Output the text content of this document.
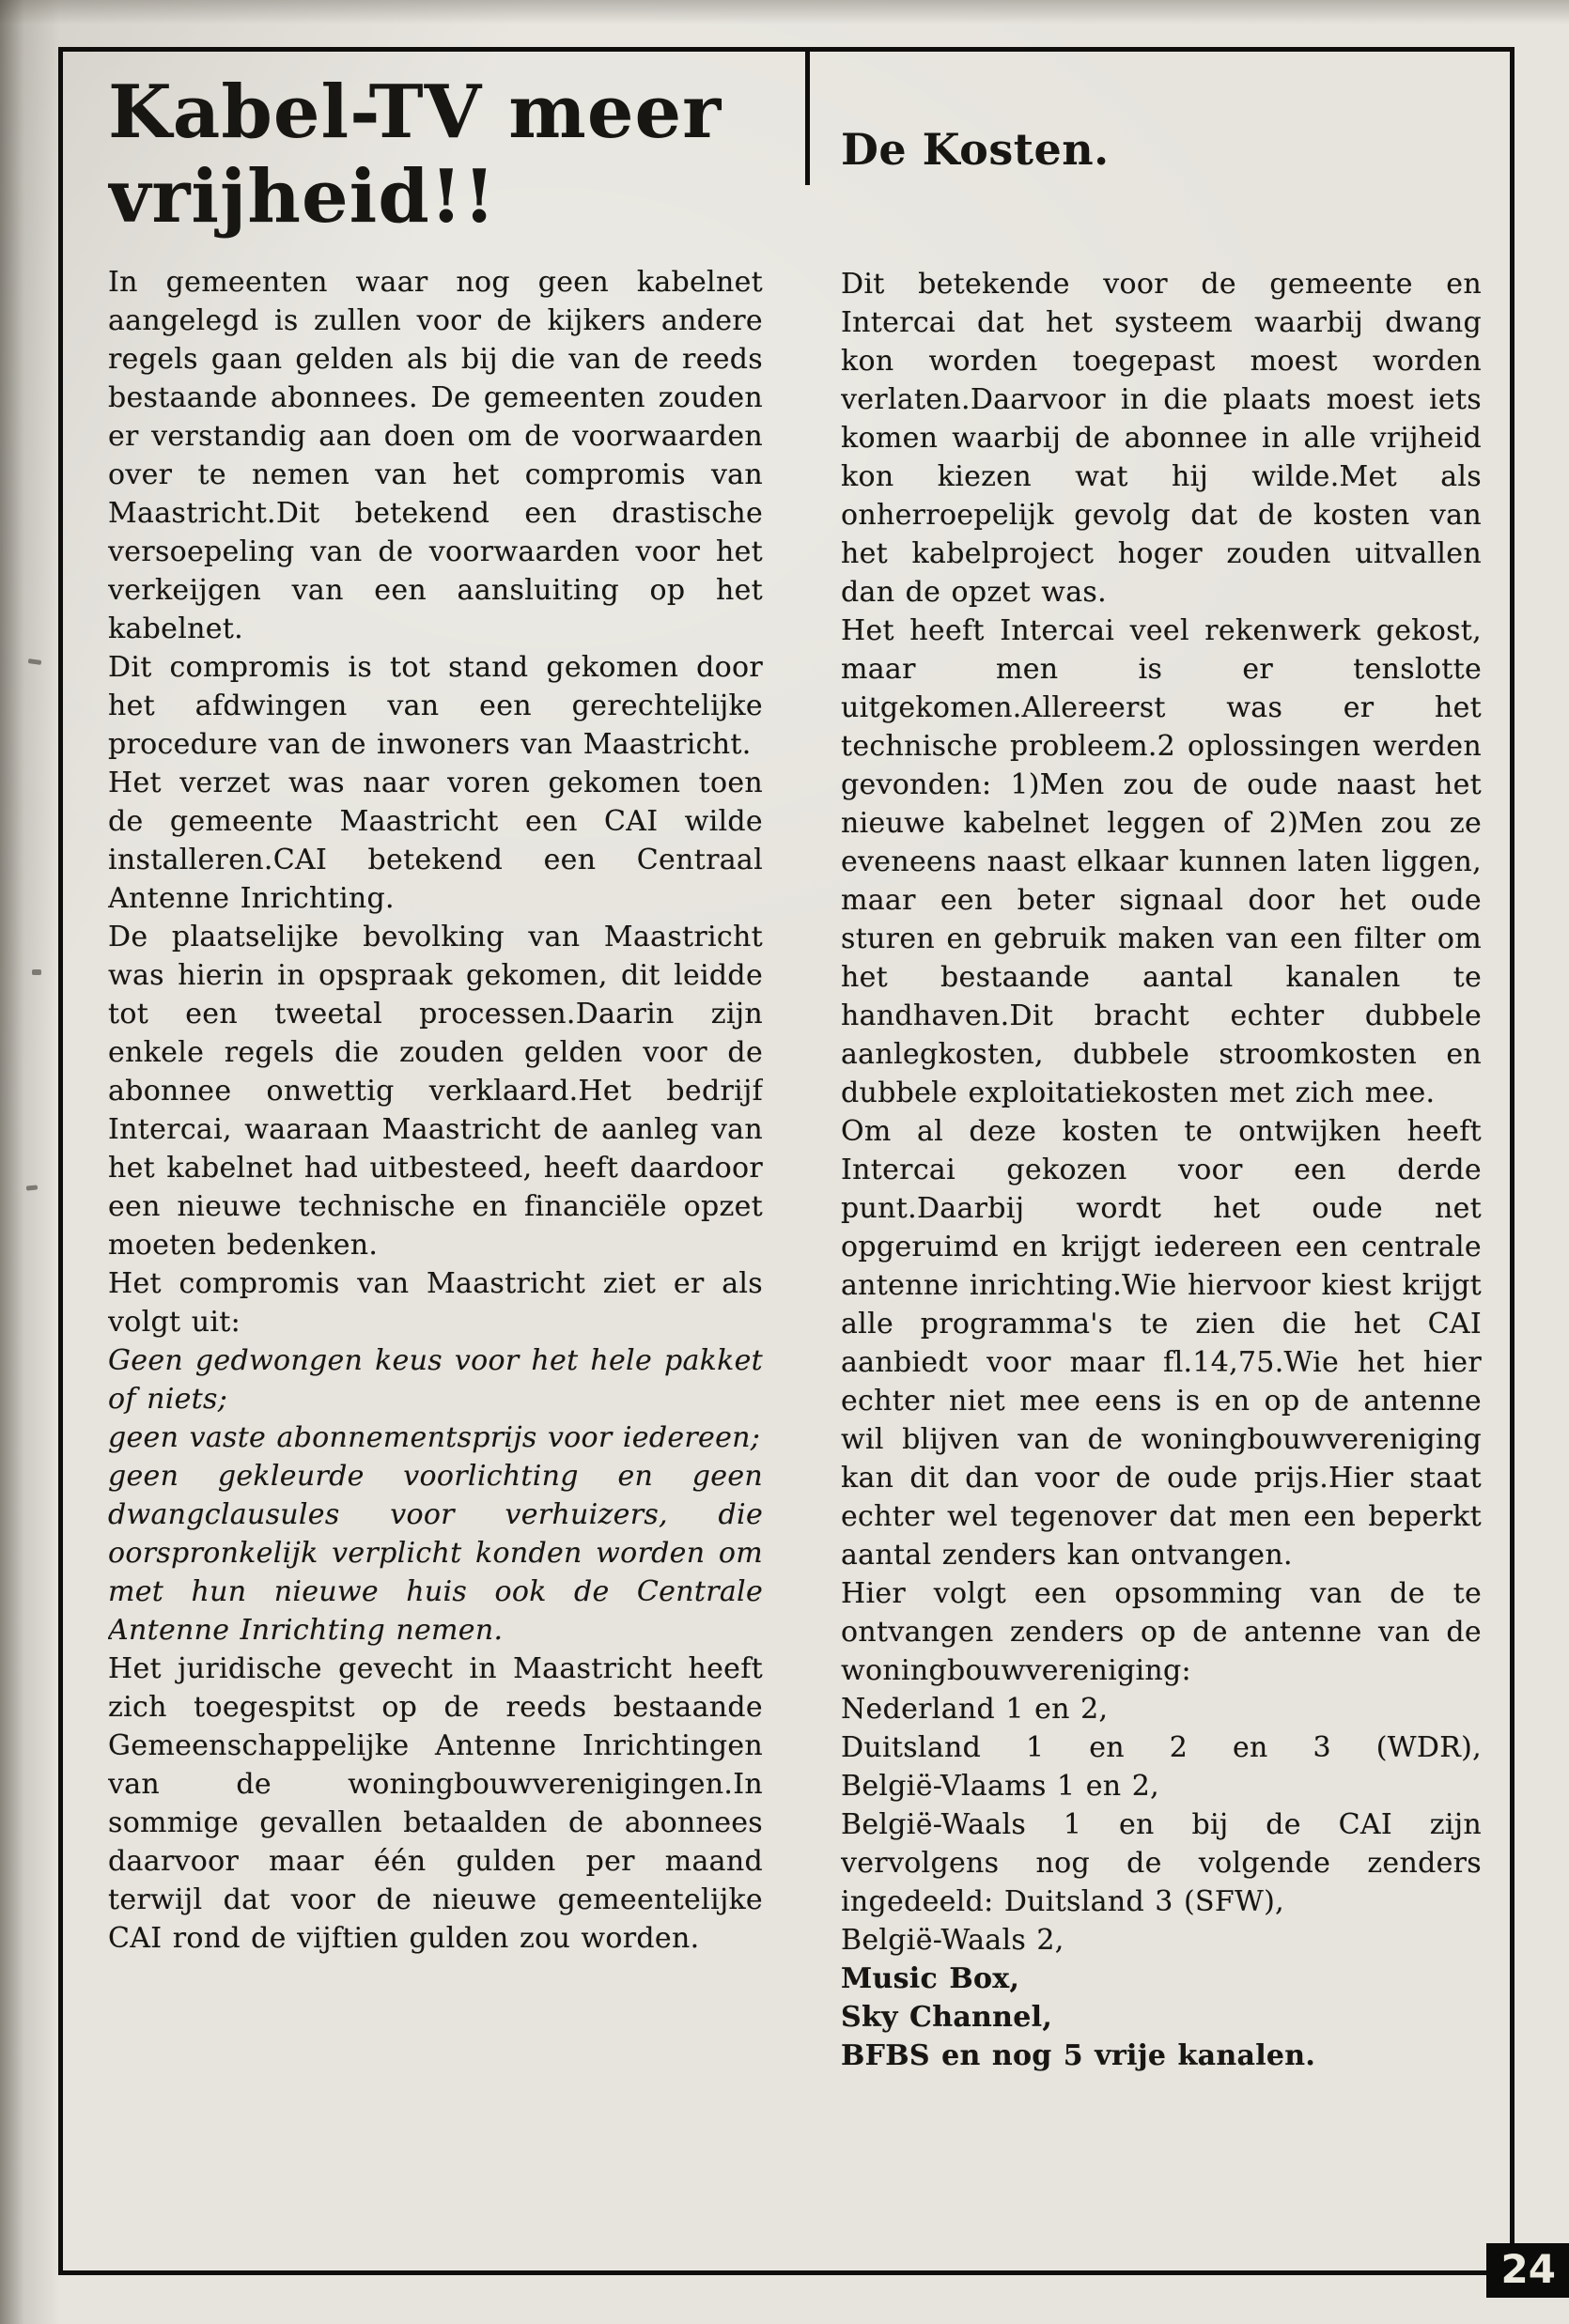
Kabel-TV meer vrijheid!!

In gemeenten waar nog geen kabelnet aangelegd is zullen voor de kijkers andere regels gaan gelden als bij die van de reeds bestaande abonnees. De gemeenten zouden er verstandig aan doen om de voorwaarden over te nemen van het compromis van Maastricht.Dit betekend een drastische versoepeling van de voorwaarden voor het verkeijgen van een aansluiting op het kabelnet.

Dit compromis is tot stand gekomen door het afdwingen van een gerechtelijke procedure van de inwoners van Maastricht.

Het verzet was naar voren gekomen toen de gemeente Maastricht een CAI wilde installeren.CAI betekend een Centraal Antenne Inrichting.

De plaatselijke bevolking van Maastricht was hierin in opspraak gekomen, dit leidde tot een tweetal processen.Daarin zijn enkele regels die zouden gelden voor de abonnee onwettig verklaard.Het bedrijf Intercai, waaraan Maastricht de aanleg van het kabelnet had uitbesteed, heeft daardoor een nieuwe technische en financiële opzet moeten bedenken.

Het compromis van Maastricht ziet er als volgt uit:

Geen gedwongen keus voor het hele pakket of niets;

geen vaste abonnementsprijs voor iedereen;

geen gekleurde voorlichting en geen dwangclausules voor verhuizers, die oorspronkelijk verplicht konden worden om met hun nieuwe huis ook de Centrale Antenne Inrichting nemen.

Het juridische gevecht in Maastricht heeft zich toegespitst op de reeds bestaande Gemeenschappelijke Antenne Inrichtingen van de woningbouwverenigingen.In sommige gevallen betaalden de abonnees daarvoor maar één gulden per maand terwijl dat voor de nieuwe gemeentelijke CAI rond de vijftien gulden zou worden.

De Kosten.

Dit betekende voor de gemeente en Intercai dat het systeem waarbij dwang kon worden toegepast moest worden verlaten.Daarvoor in die plaats moest iets komen waarbij de abonnee in alle vrijheid kon kiezen wat hij wilde.Met als onherroepelijk gevolg dat de kosten van het kabelproject hoger zouden uitvallen dan de opzet was.

Het heeft Intercai veel rekenwerk gekost, maar men is er tenslotte uitgekomen.Allereerst was er het technische probleem.2 oplossingen werden gevonden: 1)Men zou de oude naast het nieuwe kabelnet leggen of 2)Men zou ze eveneens naast elkaar kunnen laten liggen, maar een beter signaal door het oude sturen en gebruik maken van een filter om het bestaande aantal kanalen te handhaven.Dit bracht echter dubbele aanlegkosten, dubbele stroomkosten en dubbele exploitatiekosten met zich mee.

Om al deze kosten te ontwijken heeft Intercai gekozen voor een derde punt.Daarbij wordt het oude net opgeruimd en krijgt iedereen een centrale antenne inrichting.Wie hiervoor kiest krijgt alle programma's te zien die het CAI aanbiedt voor maar fl.14,75.Wie het hier echter niet mee eens is en op de antenne wil blijven van de woningbouwvereniging kan dit dan voor de oude prijs.Hier staat echter wel tegenover dat men een beperkt aantal zenders kan ontvangen.

Hier volgt een opsomming van de te ontvangen zenders op de antenne van de woningbouwvereniging:

Nederland 1 en 2,

Duitsland 1 en 2 en 3 (WDR),

België-Vlaams 1 en 2,

België-Waals 1 en bij de CAI zijn vervolgens nog de volgende zenders ingedeeld: Duitsland 3 (SFW),

België-Waals 2,

Music Box,

Sky Channel,

BFBS en nog 5 vrije kanalen.

24
